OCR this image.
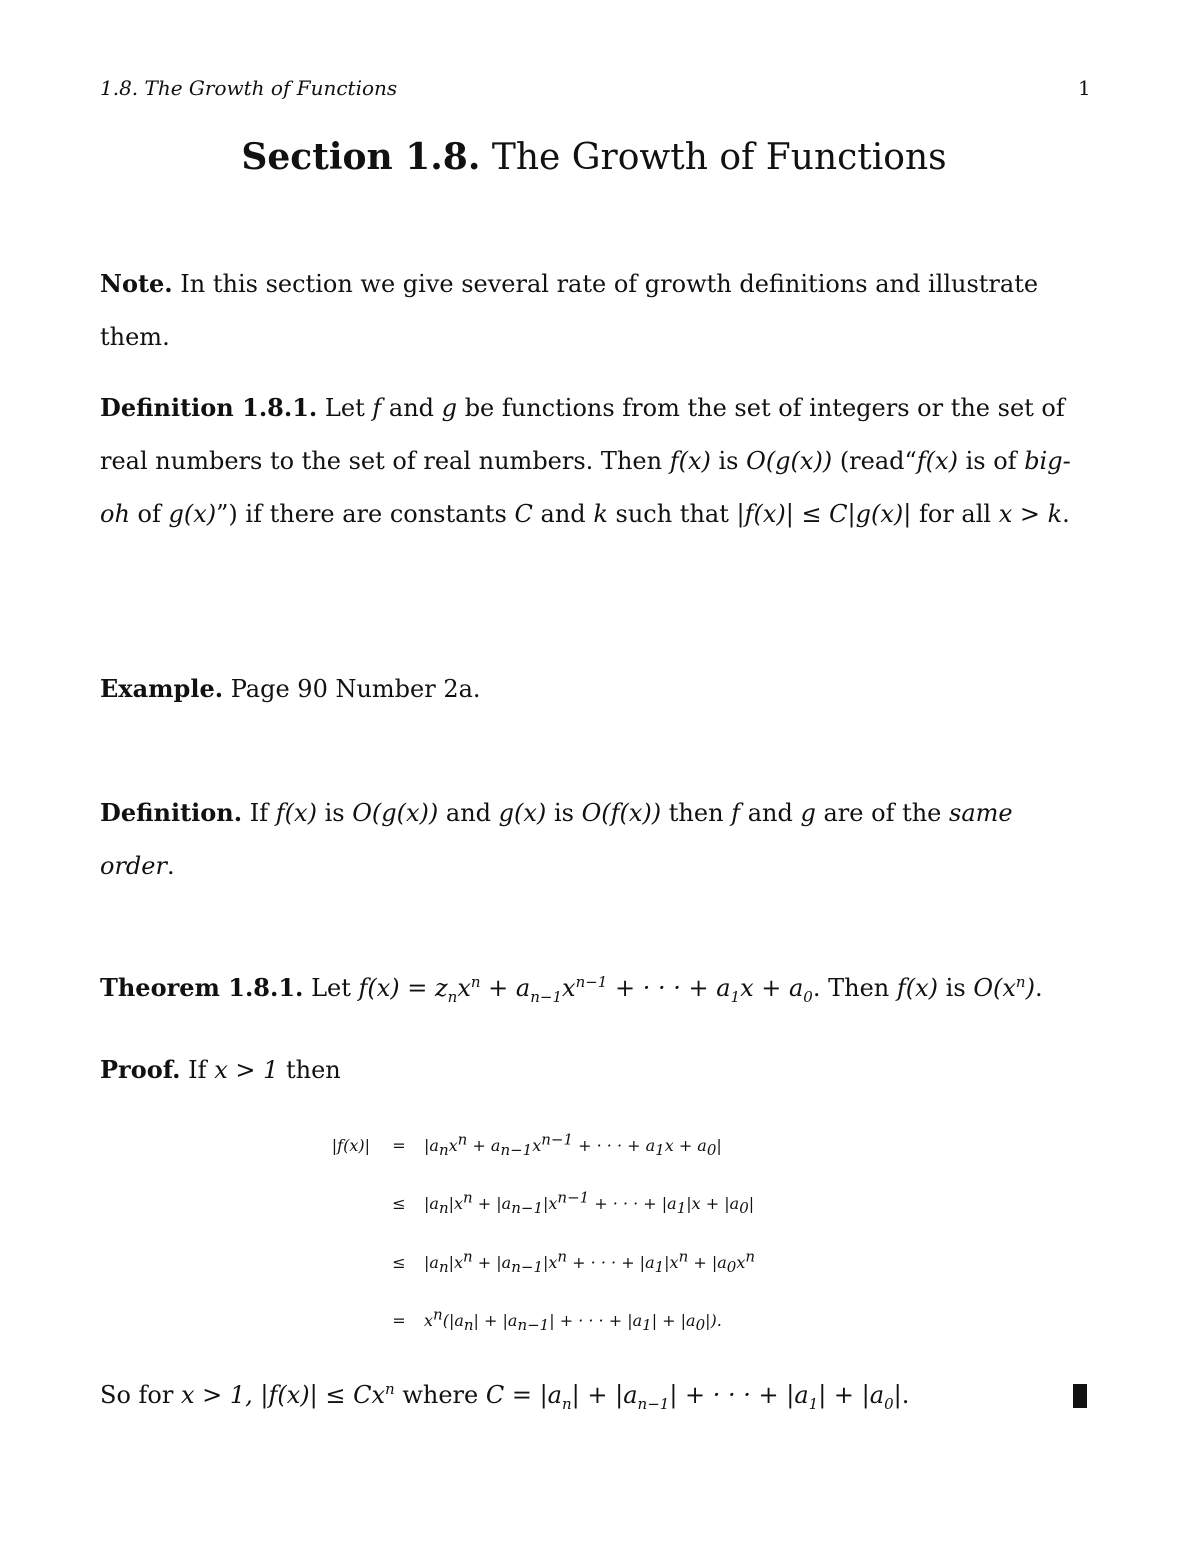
1.8. The Growth of Functions	1
Section 1.8. The Growth of Functions
Note. In this section we give several rate of growth definitions and illustrate them.
Definition 1.8.1. Let f and g be functions from the set of integers or the set of real numbers to the set of real numbers. Then f(x) is O(g(x)) (read“f(x) is of big-oh of g(x)”) if there are constants C and k such that |f(x)| ≤ C|g(x)| for all x > k.
Example. Page 90 Number 2a.
Definition. If f(x) is O(g(x)) and g(x) is O(f(x)) then f and g are of the same order.
Theorem 1.8.1. Let $f(x) = z_nx^n + a_{n-1}x^{n-1}$ + · · · + $a_1x + a_0$. Then f(x) is $O(x^n)$.
Proof. If x > 1 then
|f(x)|	=	$|a_nx^n + a_{n-1}x^{n-1}$ + · · · + $a_1x + a_0|$
≤	$|a_n|x^n + |a_{n-1}|x^{n-1}$ + · · · + $|a_1|x + |a_0|$
≤	$|a_n|x^n + |a_{n-1}|x^n$ + · · · + $|a_1|x^n + |a_0x^n$
=	$x^n(|a_n| + |a_{n-1}|$ + · · · + $|a_1| + |a_0|$).
So for x > 1, $|f(x)| \le Cx^n$ where $C = |a_n| + |a_{n-1}|$ + · · · + $|a_1| + |a_0|$.
